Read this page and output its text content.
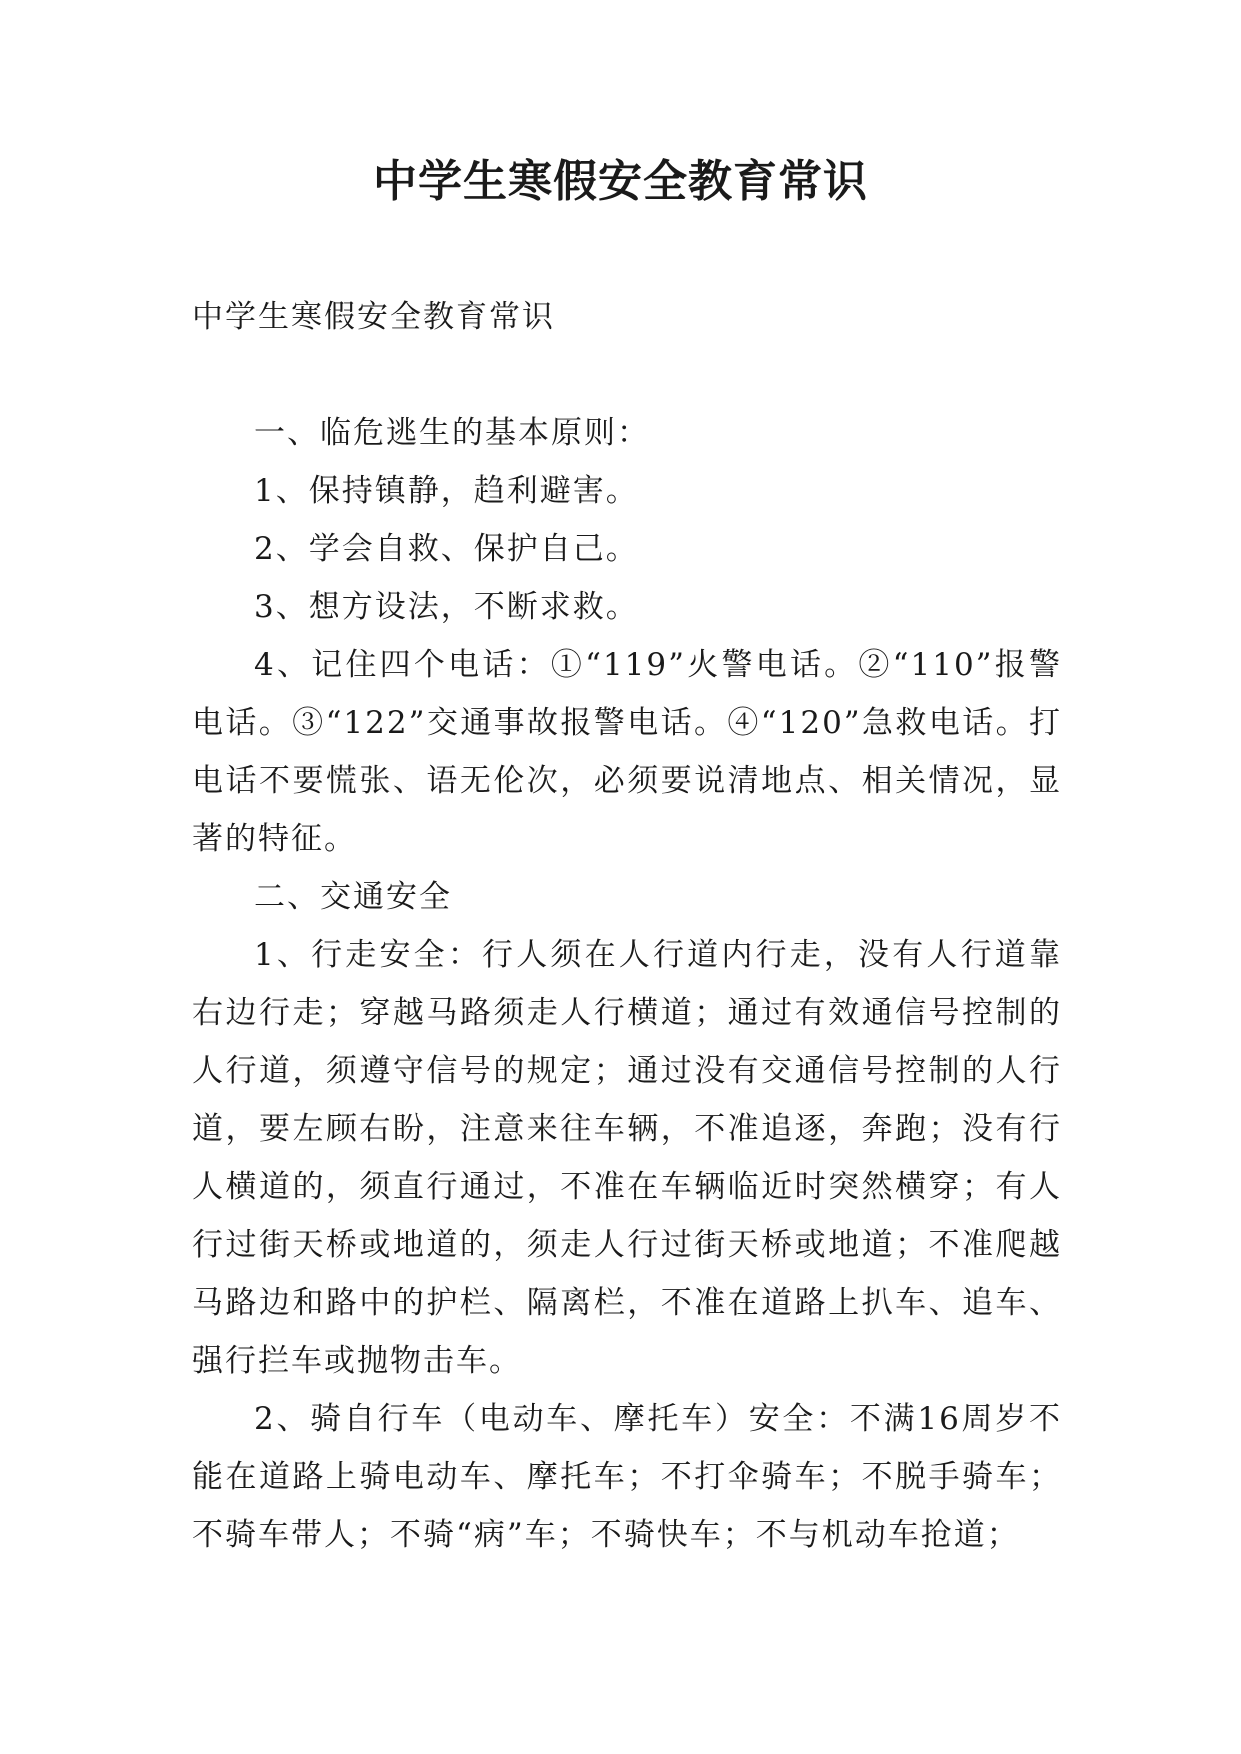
中学生寒假安全教育常识

中学生寒假安全教育常识

一、临危逃生的基本原则：

1、保持镇静，趋利避害。

2、学会自救、保护自己。

3、想方设法，不断求救。

4、记住四个电话：①“119”火警电话。②“110”报警电话。③“122”交通事故报警电话。④“120”急救电话。打电话不要慌张、语无伦次，必须要说清地点、相关情况，显著的特征。

二、交通安全

1、行走安全：行人须在人行道内行走，没有人行道靠右边行走；穿越马路须走人行横道；通过有效通信号控制的人行道，须遵守信号的规定；通过没有交通信号控制的人行道，要左顾右盼，注意来往车辆，不准追逐，奔跑；没有行人横道的，须直行通过，不准在车辆临近时突然横穿；有人行过街天桥或地道的，须走人行过街天桥或地道；不准爬越马路边和路中的护栏、隔离栏，不准在道路上扒车、追车、强行拦车或抛物击车。

2、骑自行车（电动车、摩托车）安全：不满16周岁不能在道路上骑电动车、摩托车；不打伞骑车；不脱手骑车；不骑车带人；不骑“病”车；不骑快车；不与机动车抢道；
